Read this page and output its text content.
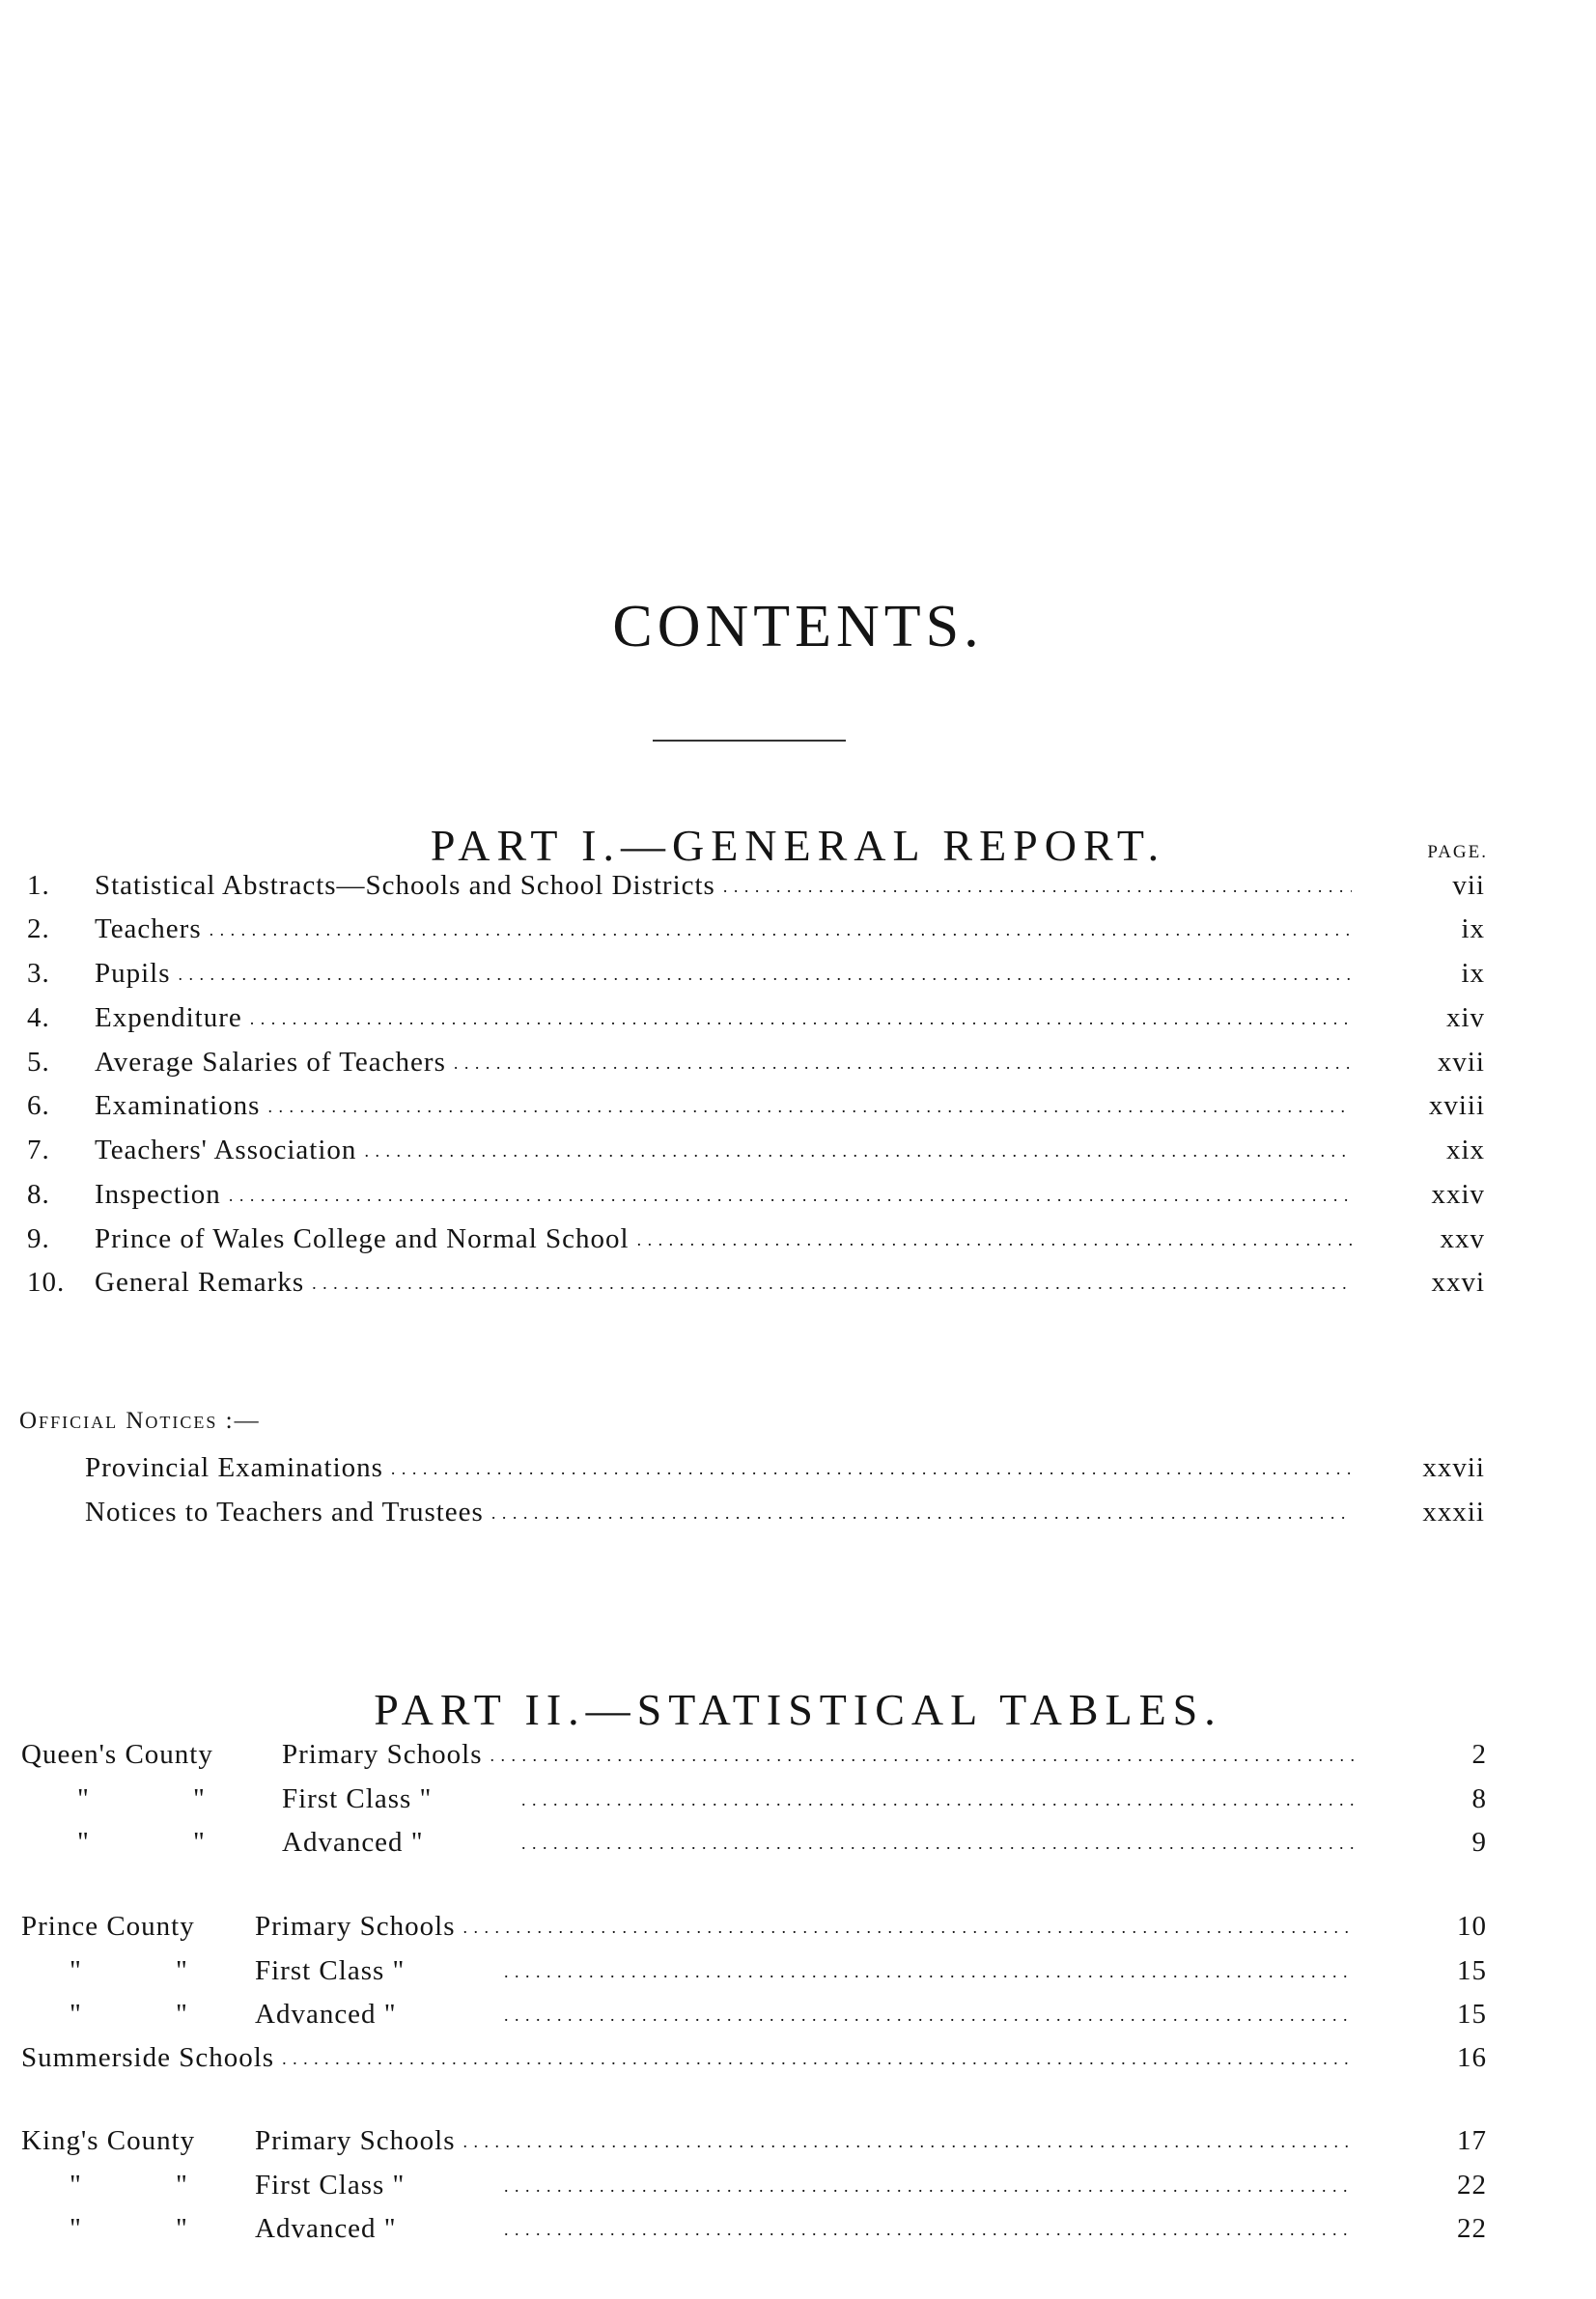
CONTENTS.
PART I.—GENERAL REPORT.	PAGE.
1.	Statistical Abstracts—Schools and School Districts . . .	vii
2.	Teachers . . .	ix
3.	Pupils . . .	ix
4.	Expenditure . . .	xiv
5.	Average Salaries of Teachers . . .	xvii
6.	Examinations . . .	xviii
7.	Teachers' Association . . .	xix
8.	Inspection . . .	xxiv
9.	Prince of Wales College and Normal School . . .	xxv
10.	General Remarks . . .	xxvi
Official Notices :—
Provincial Examinations . . .	xxvii
Notices to Teachers and Trustees . . .	xxxii
PART II.—STATISTICAL TABLES.
Queen's County	Primary Schools . . .	2
"	"	First Class " . . .	8
"	"	Advanced " . . .	9
Prince County	Primary Schools . . .	10
"	"	First Class " . . .	15
"	"	Advanced " . . .	15
Summerside Schools . . .	16
King's County	Primary Schools . . .	17
"	"	First Class " . . .	22
"	"	Advanced " . . .	22
